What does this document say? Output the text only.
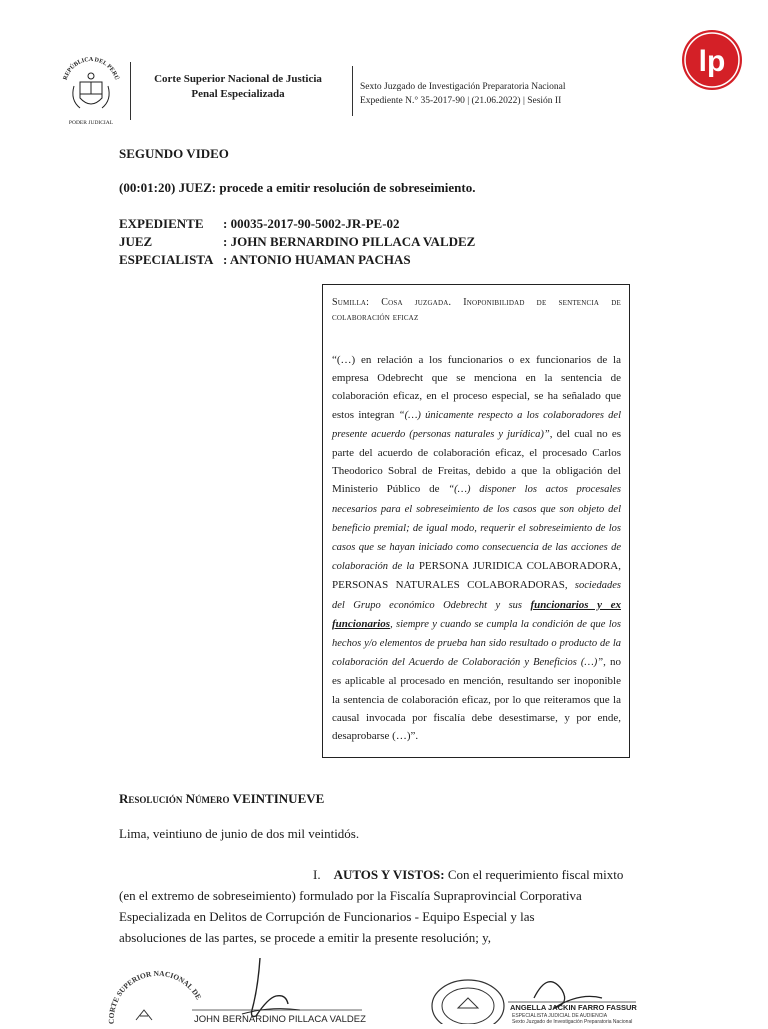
REPÚBLICA DEL PERÚ
PODER JUDICIAL
Corte Superior Nacional de Justicia
Penal Especializada
Sexto Juzgado de Investigación Preparatoria Nacional
Expediente N.° 35-2017-90 | (21.06.2022) | Sesión II
lp
SEGUNDO VIDEO
(00:01:20) JUEZ: procede a emitir resolución de sobreseimiento.
EXPEDIENTE	: 00035-2017-90-5002-JR-PE-02
JUEZ	: JOHN BERNARDINO PILLACA VALDEZ
ESPECIALISTA : ANTONIO HUAMAN PACHAS
Sumilla: Cosa juzgada. Inoponibilidad de sentencia de colaboración eficaz
“(…) en relación a los funcionarios o ex funcionarios de la empresa Odebrecht que se menciona en la sentencia de colaboración eficaz, en el proceso especial, se ha señalado que estos integran “(…) únicamente respecto a los colaboradores del presente acuerdo (personas naturales y jurídica)”, del cual no es parte del acuerdo de colaboración eficaz, el procesado Carlos Theodorico Sobral de Freitas, debido a que la obligación del Ministerio Público de “(…) disponer los actos procesales necesarios para el sobreseimiento de los casos que son objeto del beneficio premial; de igual modo, requerir el sobreseimiento de los casos que se hayan iniciado como consecuencia de las acciones de colaboración de la PERSONA JURIDICA COLABORADORA, PERSONAS NATURALES COLABORADORAS, sociedades del Grupo económico Odebrecht y sus funcionarios y ex funcionarios, siempre y cuando se cumpla la condición de que los hechos y/o elementos de prueba han sido resultado o producto de la colaboración del Acuerdo de Colaboración y Beneficios (…)”, no es aplicable al procesado en mención, resultando ser inoponible la sentencia de colaboración eficaz, por lo que reiteramos que la causal invocada por fiscalía debe desestimarse, y por ende, desaprobarse (…)”.
Resolución Número VEINTINUEVE
Lima, veintiuno de junio de dos mil veintidós.
I. AUTOS Y VISTOS: Con el requerimiento fiscal mixto
(en el extremo de sobreseimiento) formulado por la Fiscalía Supraprovincial Corporativa
Especializada en Delitos de Corrupción de Funcionarios - Equipo Especial y las
absoluciones de las partes, se procede a emitir la presente resolución; y,
CORTE SUPERIOR NACIONAL DE
JOHN BERNARDINO PILLACA VALDEZ
ANGELLA JACKIN FARRO FASSUR
ESPECIALISTA JUDICIAL DE AUDIENCIA
Sexto Juzgado de Investigación Preparatoria Nacional
